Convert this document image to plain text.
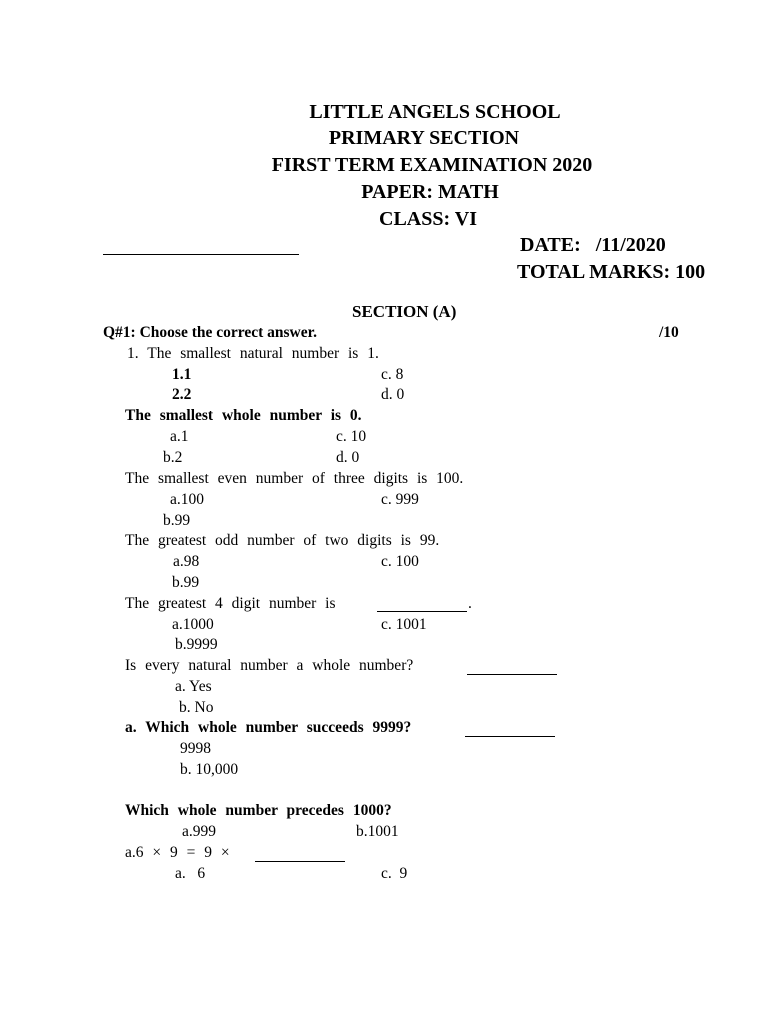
LITTLE ANGELS SCHOOL
PRIMARY SECTION
FIRST TERM EXAMINATION 2020
PAPER: MATH
CLASS: VI
DATE:   /11/2020
TOTAL MARKS: 100
SECTION (A)
Q#1: Choose the correct answer.	/10
1. The smallest natural number is 1.
1.1	c. 8
2.2	d. 0
The smallest whole number is 0.
a.1	c. 10
b.2	d. 0
The smallest even number of three digits is 100.
a.100	c. 999
b.99
The greatest odd number of two digits is 99.
a.98	c. 100
b.99
The greatest 4 digit number is	.
a.1000	c. 1001
b.9999
Is every natural number a whole number?
a. Yes
b. No
a. Which whole number succeeds 9999?
9998
b. 10,000
Which whole number precedes 1000?
a.999	b.1001
a.6 × 9 = 9 ×
a.   6	c.  9
